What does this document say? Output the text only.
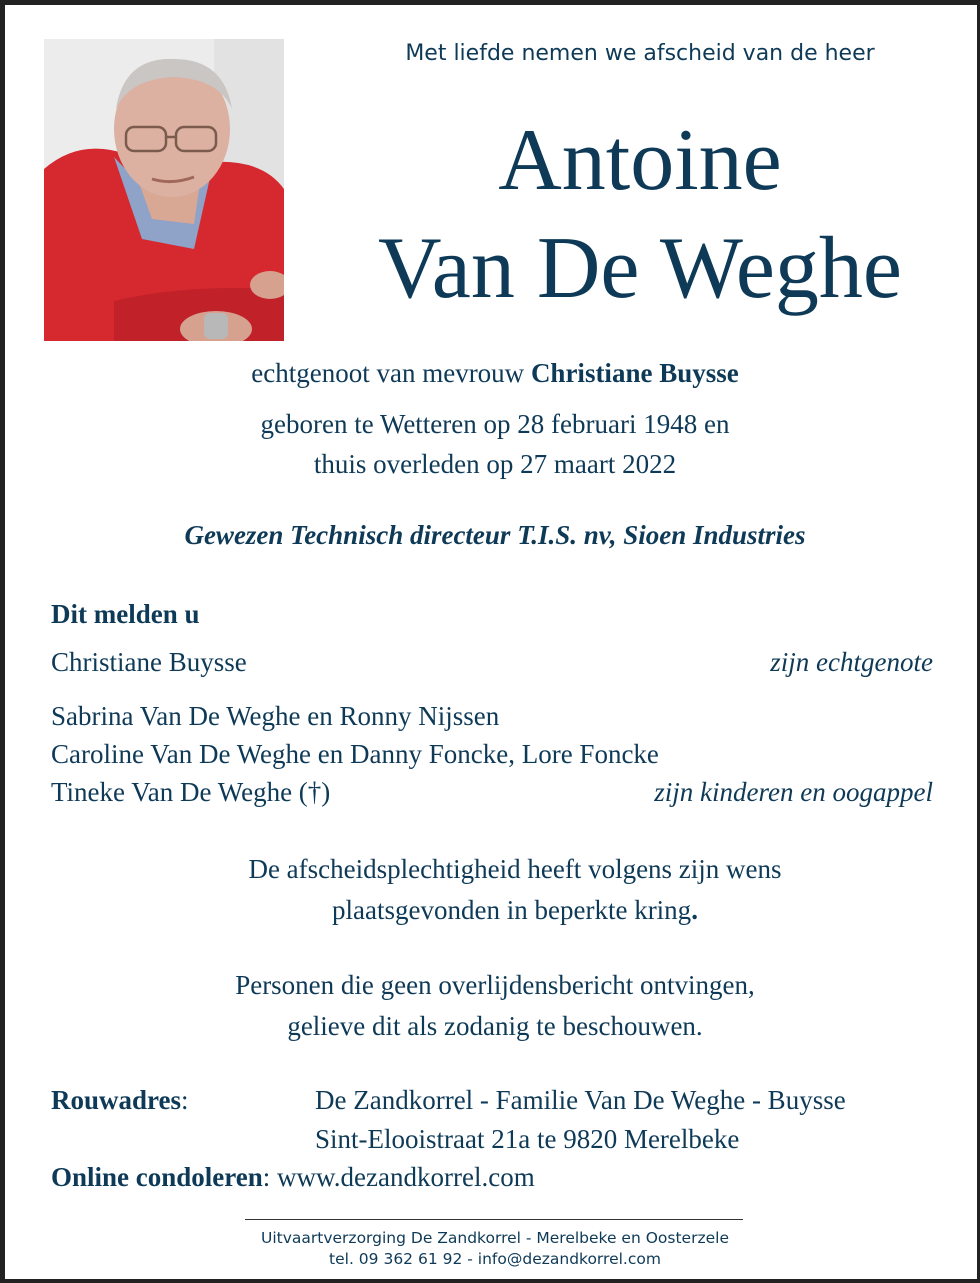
Met liefde nemen we afscheid van de heer
Antoine
Van De Weghe
echtgenoot van mevrouw Christiane Buysse
geboren te Wetteren op 28 februari 1948 en
thuis overleden op 27 maart 2022
Gewezen Technisch directeur T.I.S. nv, Sioen Industries
Dit melden u
Christiane Buysse	zijn echtgenote
Sabrina Van De Weghe en Ronny Nijssen
Caroline Van De Weghe en Danny Foncke, Lore Foncke
Tineke Van De Weghe (†)	zijn kinderen en oogappel
De afscheidsplechtigheid heeft volgens zijn wens
plaatsgevonden in beperkte kring.
Personen die geen overlijdensbericht ontvingen,
gelieve dit als zodanig te beschouwen.
Rouwadres:	De Zandkorrel - Familie Van De Weghe - Buysse
Sint-Elooistraat 21a te 9820 Merelbeke
Online condoleren: www.dezandkorrel.com
Uitvaartverzorging De Zandkorrel - Merelbeke en Oosterzele
tel. 09 362 61 92 - info@dezandkorrel.com
